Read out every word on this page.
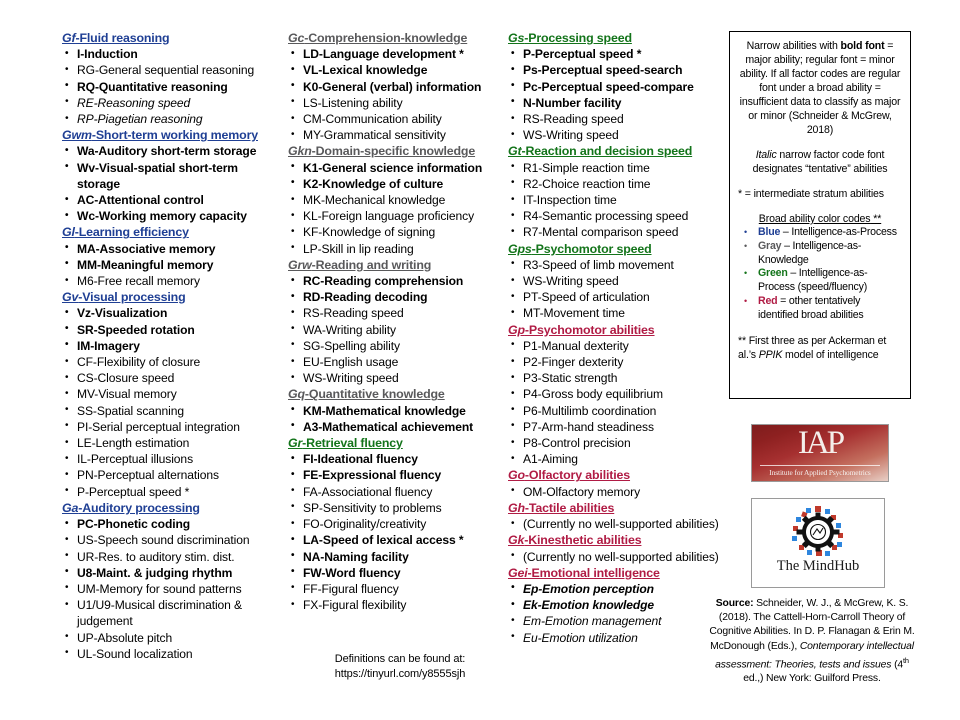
Gf-Fluid reasoning
• I-Induction
• RG-General sequential reasoning
• RQ-Quantitative reasoning
• RE-Reasoning speed
• RP-Piagetian reasoning
Gwm-Short-term working memory
• Wa-Auditory short-term storage
• Wv-Visual-spatial short-term storage
• AC-Attentional control
• Wc-Working memory capacity
Gl-Learning efficiency
• MA-Associative memory
• MM-Meaningful memory
• M6-Free recall memory
Gv-Visual processing
• Vz-Visualization
• SR-Speeded rotation
• IM-Imagery
• CF-Flexibility of closure
• CS-Closure speed
• MV-Visual memory
• SS-Spatial scanning
• PI-Serial perceptual integration
• LE-Length estimation
• IL-Perceptual illusions
• PN-Perceptual alternations
• P-Perceptual speed *
Ga-Auditory processing
• PC-Phonetic coding
• US-Speech sound discrimination
• UR-Res. to auditory stim. dist.
• U8-Maint. & judging rhythm
• UM-Memory for sound patterns
• U1/U9-Musical discrimination & judgement
• UP-Absolute pitch
• UL-Sound localization
Gc-Comprehension-knowledge
• LD-Language development *
• VL-Lexical knowledge
• K0-General (verbal) information
• LS-Listening ability
• CM-Communication ability
• MY-Grammatical sensitivity
Gkn-Domain-specific knowledge
• K1-General science information
• K2-Knowledge of culture
• MK-Mechanical knowledge
• KL-Foreign language proficiency
• KF-Knowledge of signing
• LP-Skill in lip reading
Grw-Reading and writing
• RC-Reading comprehension
• RD-Reading decoding
• RS-Reading speed
• WA-Writing ability
• SG-Spelling ability
• EU-English usage
• WS-Writing speed
Gq-Quantitative knowledge
• KM-Mathematical knowledge
• A3-Mathematical achievement
Gr-Retrieval fluency
• FI-Ideational fluency
• FE-Expressional fluency
• FA-Associational fluency
• SP-Sensitivity to problems
• FO-Originality/creativity
• LA-Speed of lexical access *
• NA-Naming facility
• FW-Word fluency
• FF-Figural fluency
• FX-Figural flexibility
Gs-Processing speed
• P-Perceptual speed *
• Ps-Perceptual speed-search
• Pc-Perceptual speed-compare
• N-Number facility
• RS-Reading speed
• WS-Writing speed
Gt-Reaction and decision speed
• R1-Simple reaction time
• R2-Choice reaction time
• IT-Inspection time
• R4-Semantic processing speed
• R7-Mental comparison speed
Gps-Psychomotor speed
• R3-Speed of limb movement
• WS-Writing speed
• PT-Speed of articulation
• MT-Movement time
Gp-Psychomotor abilities
• P1-Manual dexterity
• P2-Finger dexterity
• P3-Static strength
• P4-Gross body equilibrium
• P6-Multilimb coordination
• P7-Arm-hand steadiness
• P8-Control precision
• A1-Aiming
Go-Olfactory abilities
• OM-Olfactory memory
Gh-Tactile abilities
• (Currently no well-supported abilities)
Gk-Kinesthetic abilities
• (Currently no well-supported abilities)
Gei-Emotional intelligence
• Ep-Emotion perception
• Ek-Emotion knowledge
• Em-Emotion management
• Eu-Emotion utilization
Definitions can be found at:
https://tinyurl.com/y8555sjh

Narrow abilities with bold font = major ability; regular font = minor ability. If all factor codes are regular font under a broad ability = insufficient data to classify as major or minor (Schneider & McGrew, 2018)

Italic narrow factor code font designates “tentative” abilities

* = intermediate stratum abilities

Broad ability color codes **

• Blue – Intelligence-as-Process
• Gray – Intelligence-as-Knowledge
• Green – Intelligence-as-Process (speed/fluency)
• Red = other tentatively identified broad abilities

** First three as per Ackerman et al.’s PPIK model of intelligence

IAP
Institute for Applied Psychometrics
The MindHub
Source: Schneider, W. J., & McGrew, K. S. (2018). The Cattell-Horn-Carroll Theory of Cognitive Abilities. In D. P. Flanagan & Erin M. McDonough (Eds.), Contemporary intellectual assessment: Theories, tests and issues (4th ed.,) New York: Guilford Press.
